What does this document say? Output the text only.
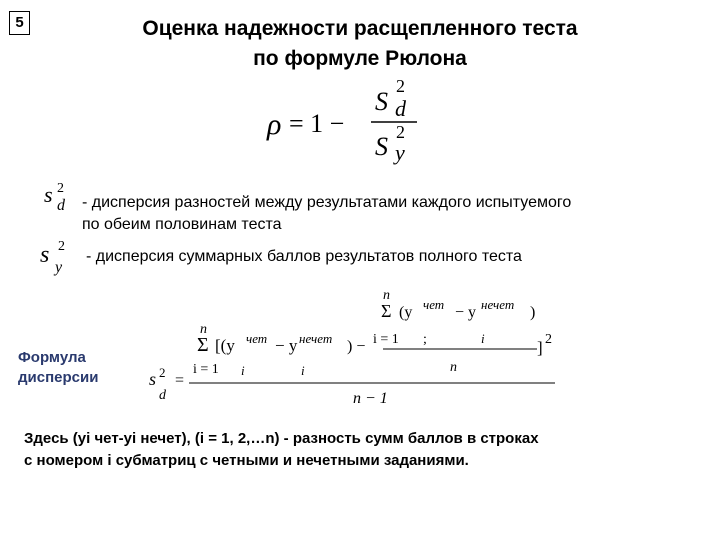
5	Оценка надежности расщепленного теста
по формуле Рюлона
ρ = 1 −
S d
2
S y
2
s d
2
- дисперсия разностей между результатами каждого испытуемого
по обеим половинам теста
s y
2
- дисперсия суммарных баллов результатов полного теста
Формула
дисперсии	s
d
2 =
n
Σ
i = 1
[(y чет
i
− y нечет
i
) −
n
Σ (y чет − y нечет )
i = 1 ;	i
n
] 2
n − 1
Здесь (yi чет-yi нечет), (i = 1, 2,…n) - разность сумм баллов в строках
с номером i субматриц с четными и нечетными заданиями.
